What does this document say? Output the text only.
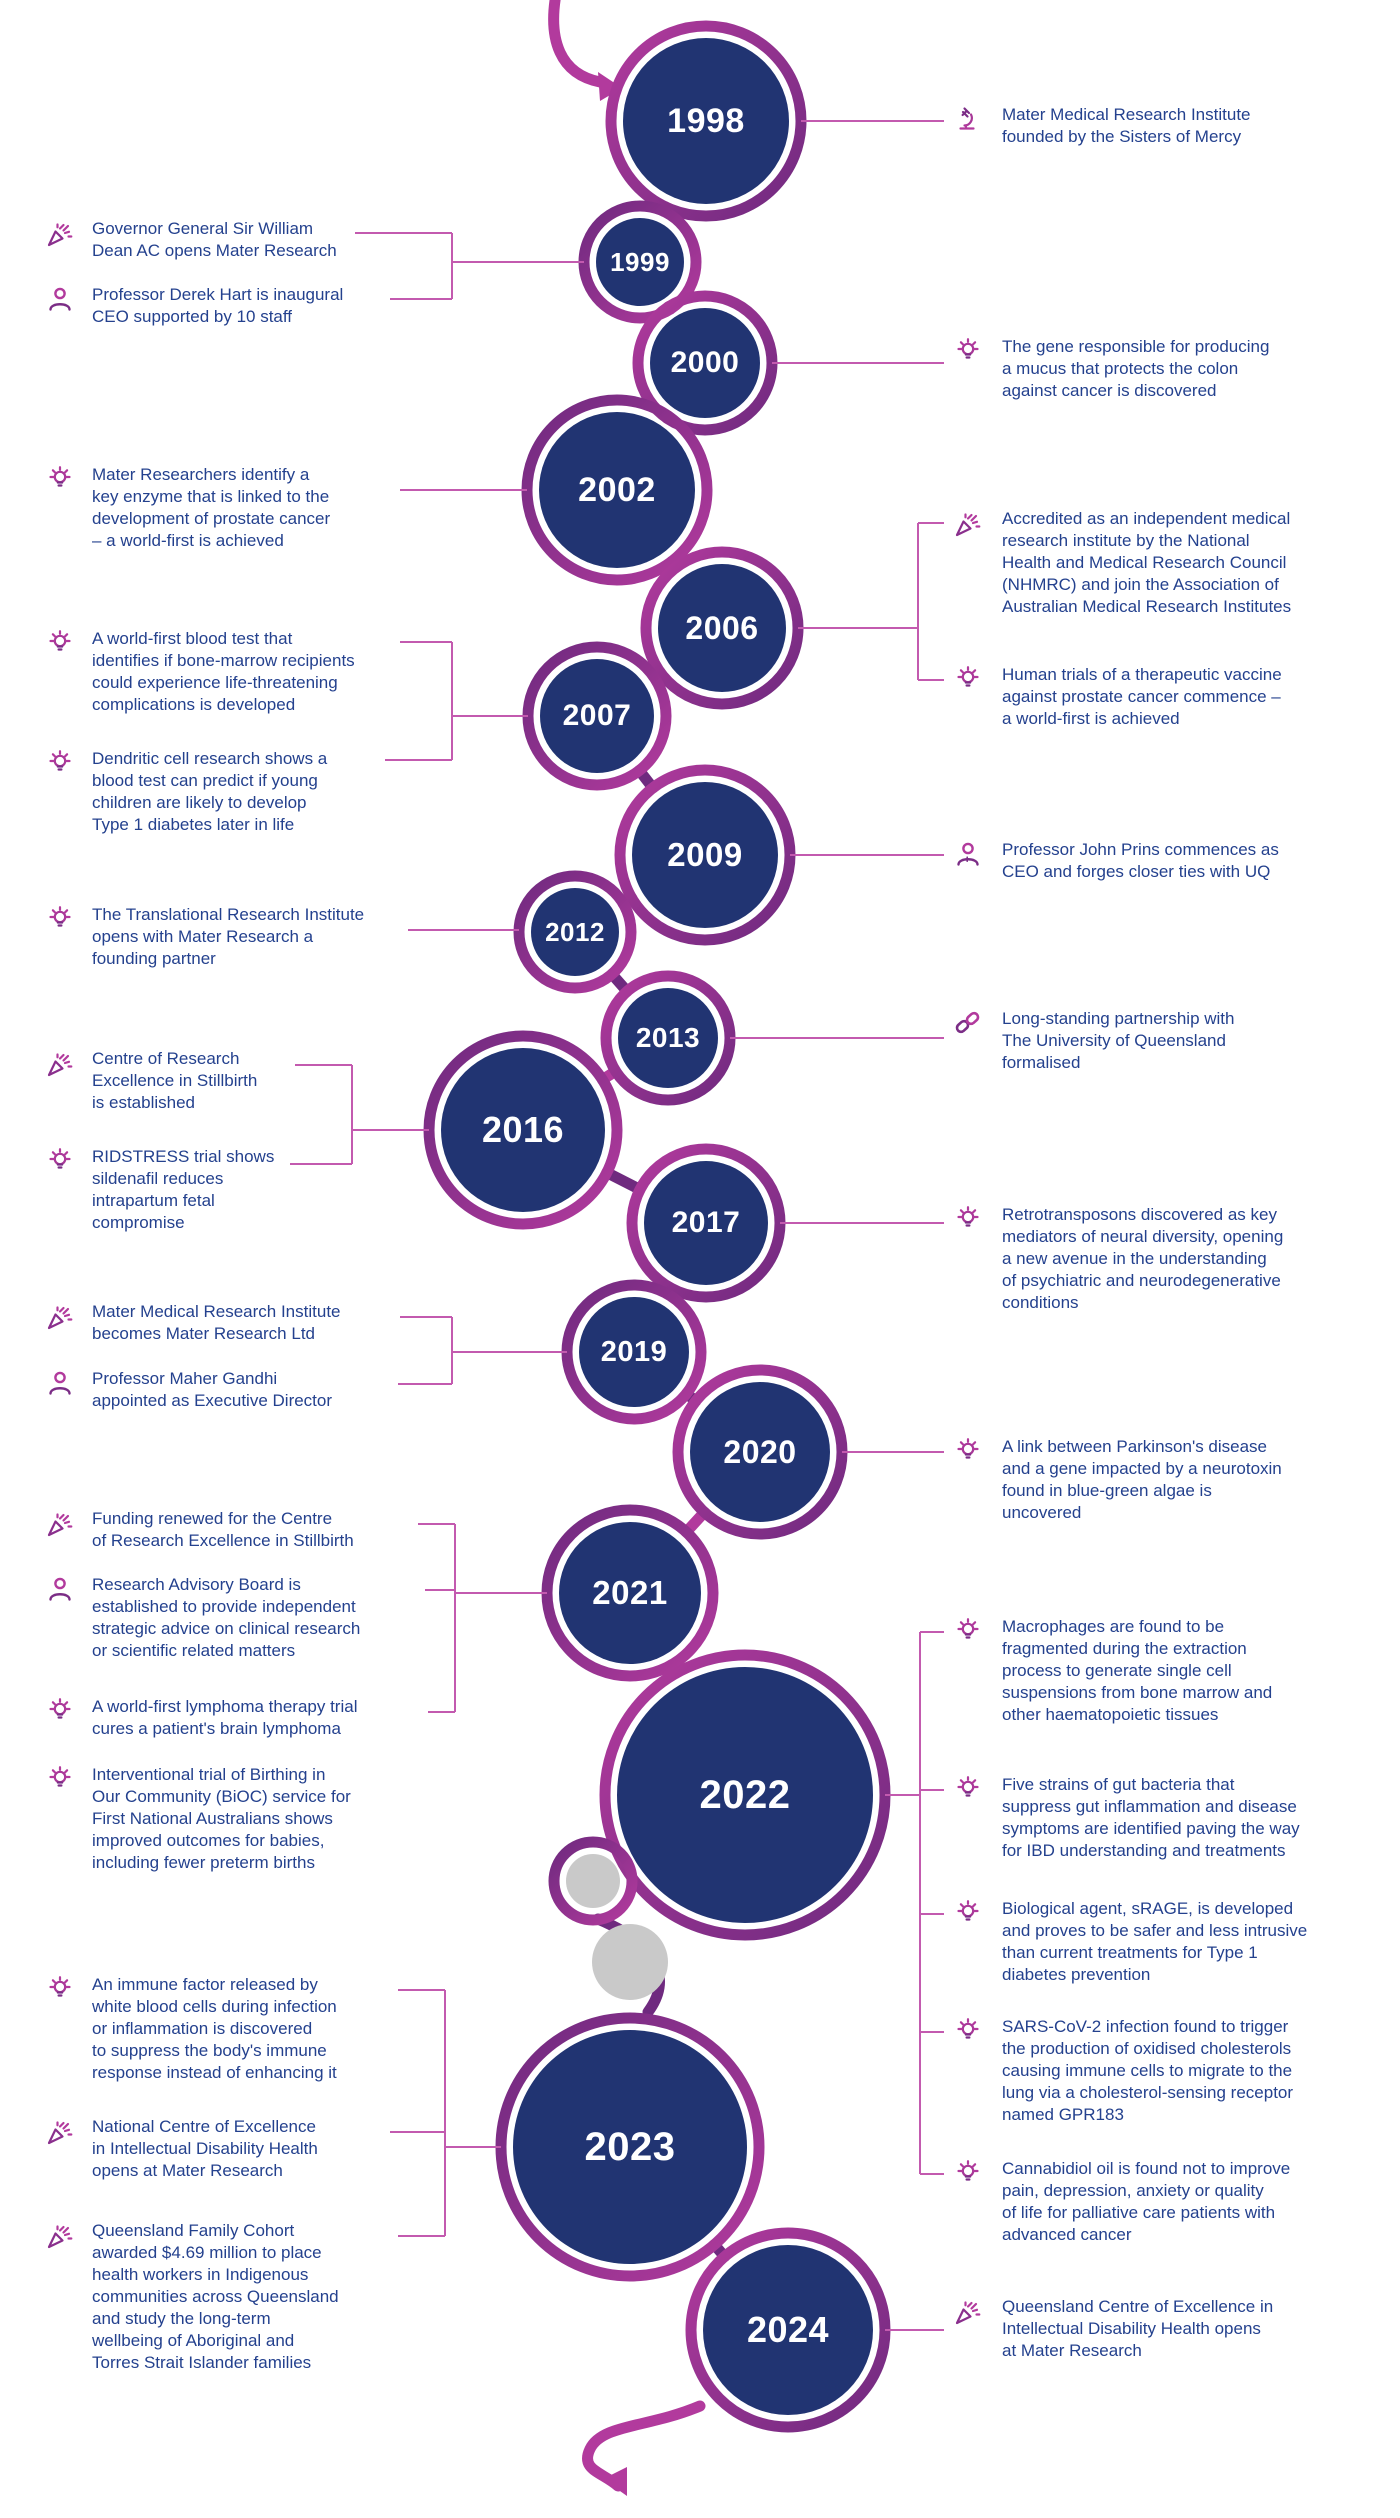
1998
1999
2000
2002
2006
2007
2009
2012
2013
2016
2017
2019
2020
2021
2022
2023
2024
Mater Medical Research Institute
founded by the Sisters of Mercy
Governor General Sir William
Dean AC opens Mater Research
Professor Derek Hart is inaugural
CEO supported by 10 staff
The gene responsible for producing
a mucus that protects the colon
against cancer is discovered
Mater Researchers identify a
key enzyme that is linked to the
development of prostate cancer
– a world-first is achieved
Accredited as an independent medical
research institute by the National
Health and Medical Research Council
(NHMRC) and join the Association of
Australian Medical Research Institutes
A world-first blood test that
identifies if bone-marrow recipients
could experience life-threatening
complications is developed
Human trials of a therapeutic vaccine
against prostate cancer commence –
a world-first is achieved
Dendritic cell research shows a
blood test can predict if young
children are likely to develop
Type 1 diabetes later in life
Professor John Prins commences as
CEO and forges closer ties with UQ
The Translational Research Institute
opens with Mater Research a
founding partner
Long-standing partnership with
The University of Queensland
formalised
Centre of Research
Excellence in Stillbirth
is established
RIDSTRESS trial shows
sildenafil reduces
intrapartum fetal
compromise	Retrotransposons discovered as key
mediators of neural diversity, opening
a new avenue in the understanding
of psychiatric and neurodegenerative
conditions
Mater Medical Research Institute
becomes Mater Research Ltd
Professor Maher Gandhi
appointed as Executive Director
A link between Parkinson's disease
and a gene impacted by a neurotoxin
found in blue-green algae is
uncovered
Funding renewed for the Centre
of Research Excellence in Stillbirth
Research Advisory Board is
established to provide independent
strategic advice on clinical research
or scientific related matters
Macrophages are found to be
fragmented during the extraction
process to generate single cell
suspensions from bone marrow and
other haematopoietic tissues
A world-first lymphoma therapy trial
cures a patient's brain lymphoma
Interventional trial of Birthing in
Our Community (BiOC) service for
First National Australians shows
improved outcomes for babies,
including fewer preterm births
Five strains of gut bacteria that
suppress gut inflammation and disease
symptoms are identified paving the way
for IBD understanding and treatments
Biological agent, sRAGE, is developed
and proves to be safer and less intrusive
than current treatments for Type 1
diabetes prevention
An immune factor released by
white blood cells during infection
or inflammation is discovered
to suppress the body's immune
response instead of enhancing it
SARS-CoV-2 infection found to trigger
the production of oxidised cholesterols
causing immune cells to migrate to the
lung via a cholesterol-sensing receptor
named GPR183
National Centre of Excellence
in Intellectual Disability Health
opens at Mater Research	Cannabidiol oil is found not to improve
pain, depression, anxiety or quality
of life for palliative care patients with
advanced cancer
Queensland Family Cohort
awarded $4.69 million to place
health workers in Indigenous
communities across Queensland
and study the long-term
wellbeing of Aboriginal and
Torres Strait Islander families
Queensland Centre of Excellence in
Intellectual Disability Health opens
at Mater Research
